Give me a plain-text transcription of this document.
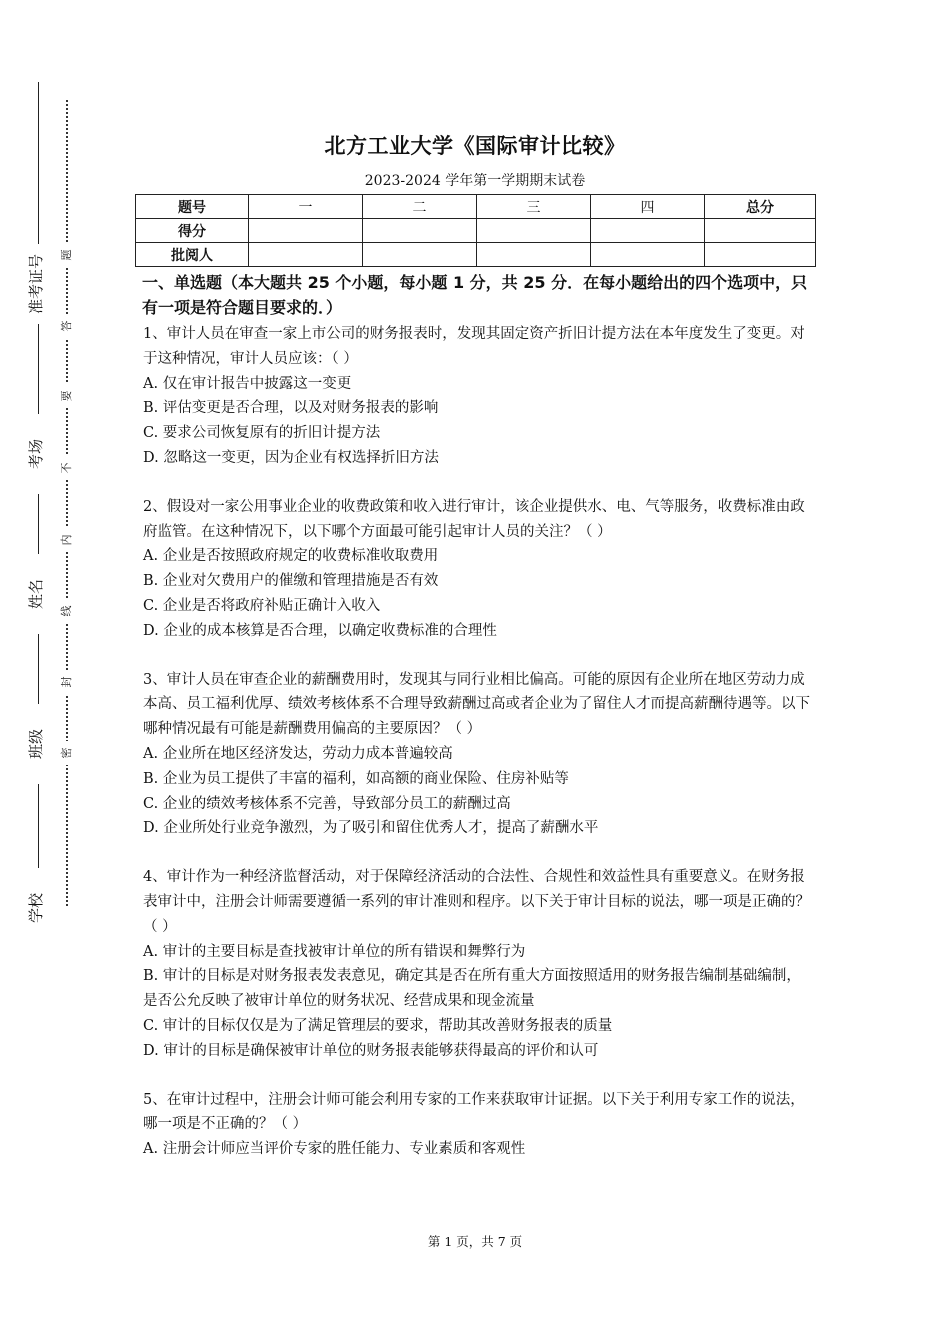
准考证号
考场
姓名
班级
学校
题
答
要
不
内
线
封
密
北方工业大学《国际审计比较》
2023-2024 学年第一学期期末试卷
题号	一	二	三	四	总分
得分					
批阅人					
一、单选题（本大题共 25 个小题，每小题 1 分，共 25 分．在每小题给出的四个选项中，只有一项是符合题目要求的．）

1、审计人员在审查一家上市公司的财务报表时，发现其固定资产折旧计提方法在本年度发生了变更。对于这种情况，审计人员应该：（ ）

A. 仅在审计报告中披露这一变更

B. 评估变更是否合理，以及对财务报表的影响

C. 要求公司恢复原有的折旧计提方法

D. 忽略这一变更，因为企业有权选择折旧方法

2、假设对一家公用事业企业的收费政策和收入进行审计，该企业提供水、电、气等服务，收费标准由政府监管。在这种情况下，以下哪个方面最可能引起审计人员的关注？（ ）

A. 企业是否按照政府规定的收费标准收取费用

B. 企业对欠费用户的催缴和管理措施是否有效

C. 企业是否将政府补贴正确计入收入

D. 企业的成本核算是否合理，以确定收费标准的合理性

3、审计人员在审查企业的薪酬费用时，发现其与同行业相比偏高。可能的原因有企业所在地区劳动力成本高、员工福利优厚、绩效考核体系不合理导致薪酬过高或者企业为了留住人才而提高薪酬待遇等。以下哪种情况最有可能是薪酬费用偏高的主要原因？（ ）

A. 企业所在地区经济发达，劳动力成本普遍较高

B. 企业为员工提供了丰富的福利，如高额的商业保险、住房补贴等

C. 企业的绩效考核体系不完善，导致部分员工的薪酬过高

D. 企业所处行业竞争激烈，为了吸引和留住优秀人才，提高了薪酬水平

4、审计作为一种经济监督活动，对于保障经济活动的合法性、合规性和效益性具有重要意义。在财务报表审计中，注册会计师需要遵循一系列的审计准则和程序。以下关于审计目标的说法，哪一项是正确的？（ ）

A. 审计的主要目标是查找被审计单位的所有错误和舞弊行为

B. 审计的目标是对财务报表发表意见，确定其是否在所有重大方面按照适用的财务报告编制基础编制，是否公允反映了被审计单位的财务状况、经营成果和现金流量

C. 审计的目标仅仅是为了满足管理层的要求，帮助其改善财务报表的质量

D. 审计的目标是确保被审计单位的财务报表能够获得最高的评价和认可

5、在审计过程中，注册会计师可能会利用专家的工作来获取审计证据。以下关于利用专家工作的说法，哪一项是不正确的？（ ）

A. 注册会计师应当评价专家的胜任能力、专业素质和客观性

第 1 页，共 7 页
